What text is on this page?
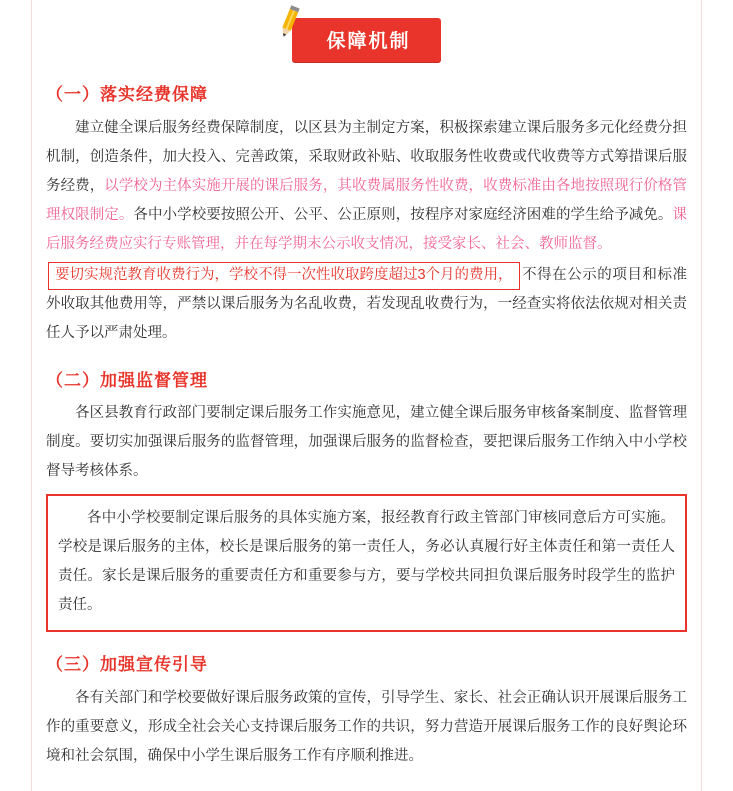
保障机制
（一）落实经费保障

建立健全课后服务经费保障制度，以区县为主制定方案，积极探索建立课后服务多元化经费分担机制，创造条件，加大投入、完善政策，采取财政补贴、收取服务性收费或代收费等方式筹措课后服务经费，以学校为主体实施开展的课后服务，其收费属服务性收费，收费标准由各地按照现行价格管理权限制定。各中小学校要按照公开、公平、公正原则，按程序对家庭经济困难的学生给予减免。课后服务经费应实行专账管理，并在每学期末公示收支情况，接受家长、社会、教师监督。

要切实规范教育收费行为，学校不得一次性收取跨度超过3个月的费用， 不得在公示的项目和标准外收取其他费用等，严禁以课后服务为名乱收费，若发现乱收费行为，一经查实将依法依规对相关责任人予以严肃处理。

（二）加强监督管理

各区县教育行政部门要制定课后服务工作实施意见，建立健全课后服务审核备案制度、监督管理制度。要切实加强课后服务的监督管理，加强课后服务的监督检查，要把课后服务工作纳入中小学校督导考核体系。

各中小学校要制定课后服务的具体实施方案，报经教育行政主管部门审核同意后方可实施。学校是课后服务的主体，校长是课后服务的第一责任人，务必认真履行好主体责任和第一责任人责任。家长是课后服务的重要责任方和重要参与方，要与学校共同担负课后服务时段学生的监护责任。

（三）加强宣传引导

各有关部门和学校要做好课后服务政策的宣传，引导学生、家长、社会正确认识开展课后服务工作的重要意义，形成全社会关心支持课后服务工作的共识，努力营造开展课后服务工作的良好舆论环境和社会氛围，确保中小学生课后服务工作有序顺利推进。
